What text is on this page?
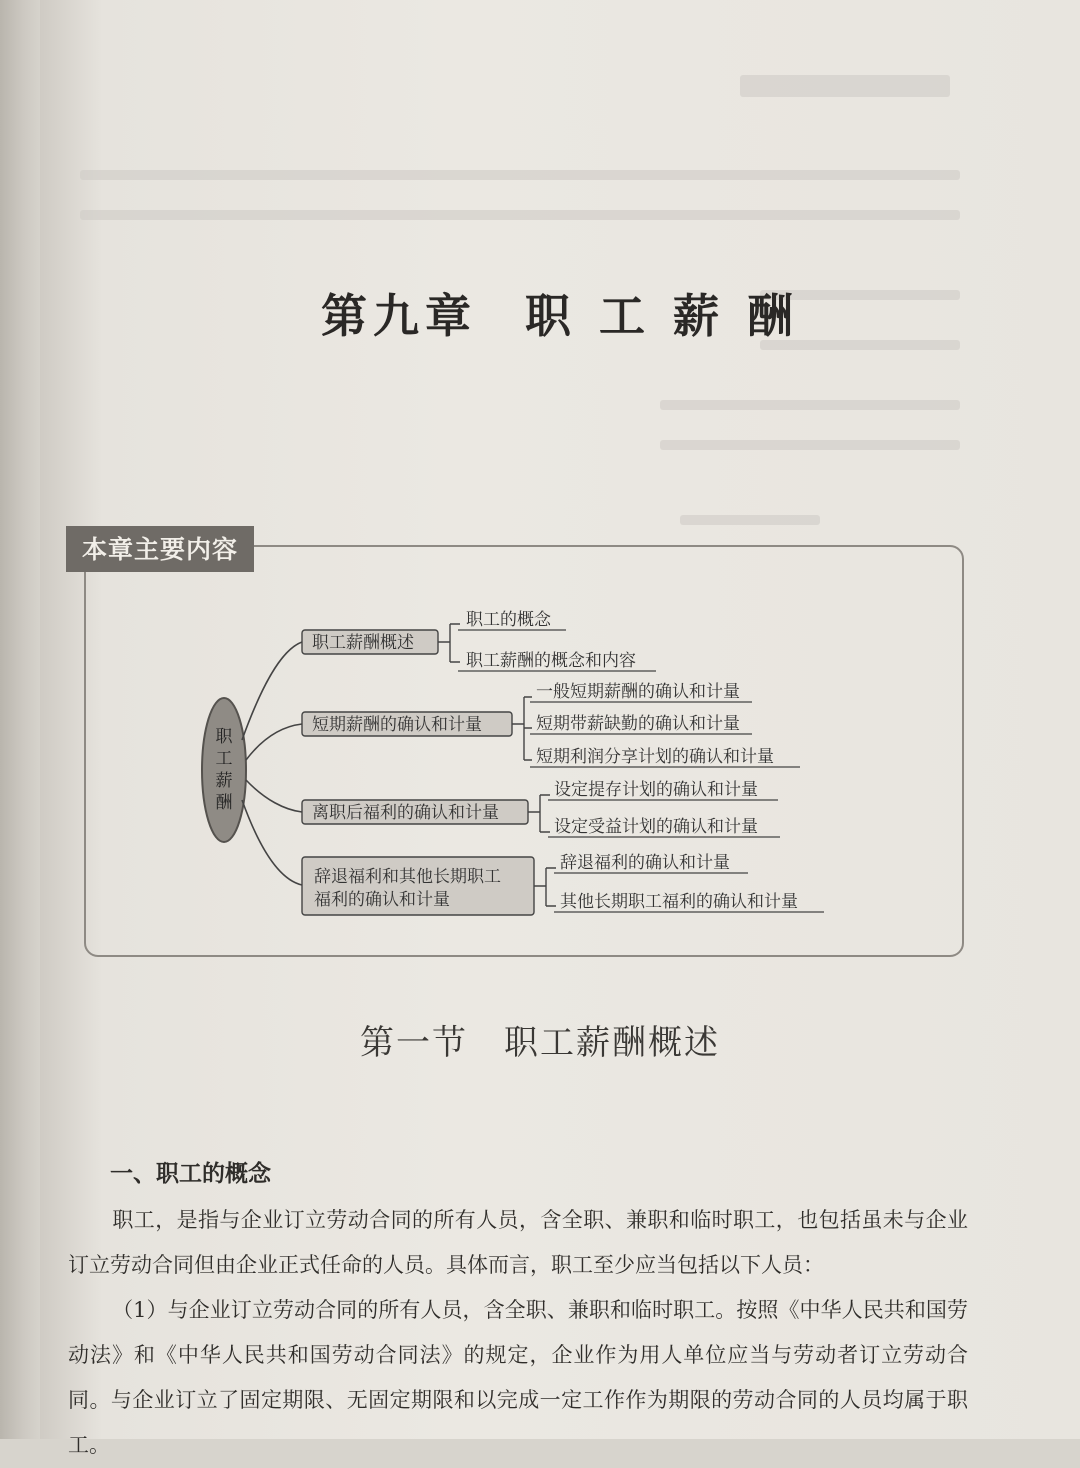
第九章 职 工 薪 酬
本章主要内容
职
工
薪
酬
职工薪酬概述
短期薪酬的确认和计量
离职后福利的确认和计量
辞退福利和其他长期职工
福利的确认和计量
职工的概念
职工薪酬的概念和内容
一般短期薪酬的确认和计量
短期带薪缺勤的确认和计量
短期利润分享计划的确认和计量
设定提存计划的确认和计量
设定受益计划的确认和计量
辞退福利的确认和计量
其他长期职工福利的确认和计量
第一节 职工薪酬概述
一、职工的概念
职工，是指与企业订立劳动合同的所有人员，含全职、兼职和临时职工，也包括虽未与企业订立劳动合同但由企业正式任命的人员。具体而言，职工至少应当包括以下人员：
（1）与企业订立劳动合同的所有人员，含全职、兼职和临时职工。按照《中华人民共和国劳动法》和《中华人民共和国劳动合同法》的规定，企业作为用人单位应当与劳动者订立劳动合同。与企业订立了固定期限、无固定期限和以完成一定工作作为期限的劳动合同的人员均属于职工。
